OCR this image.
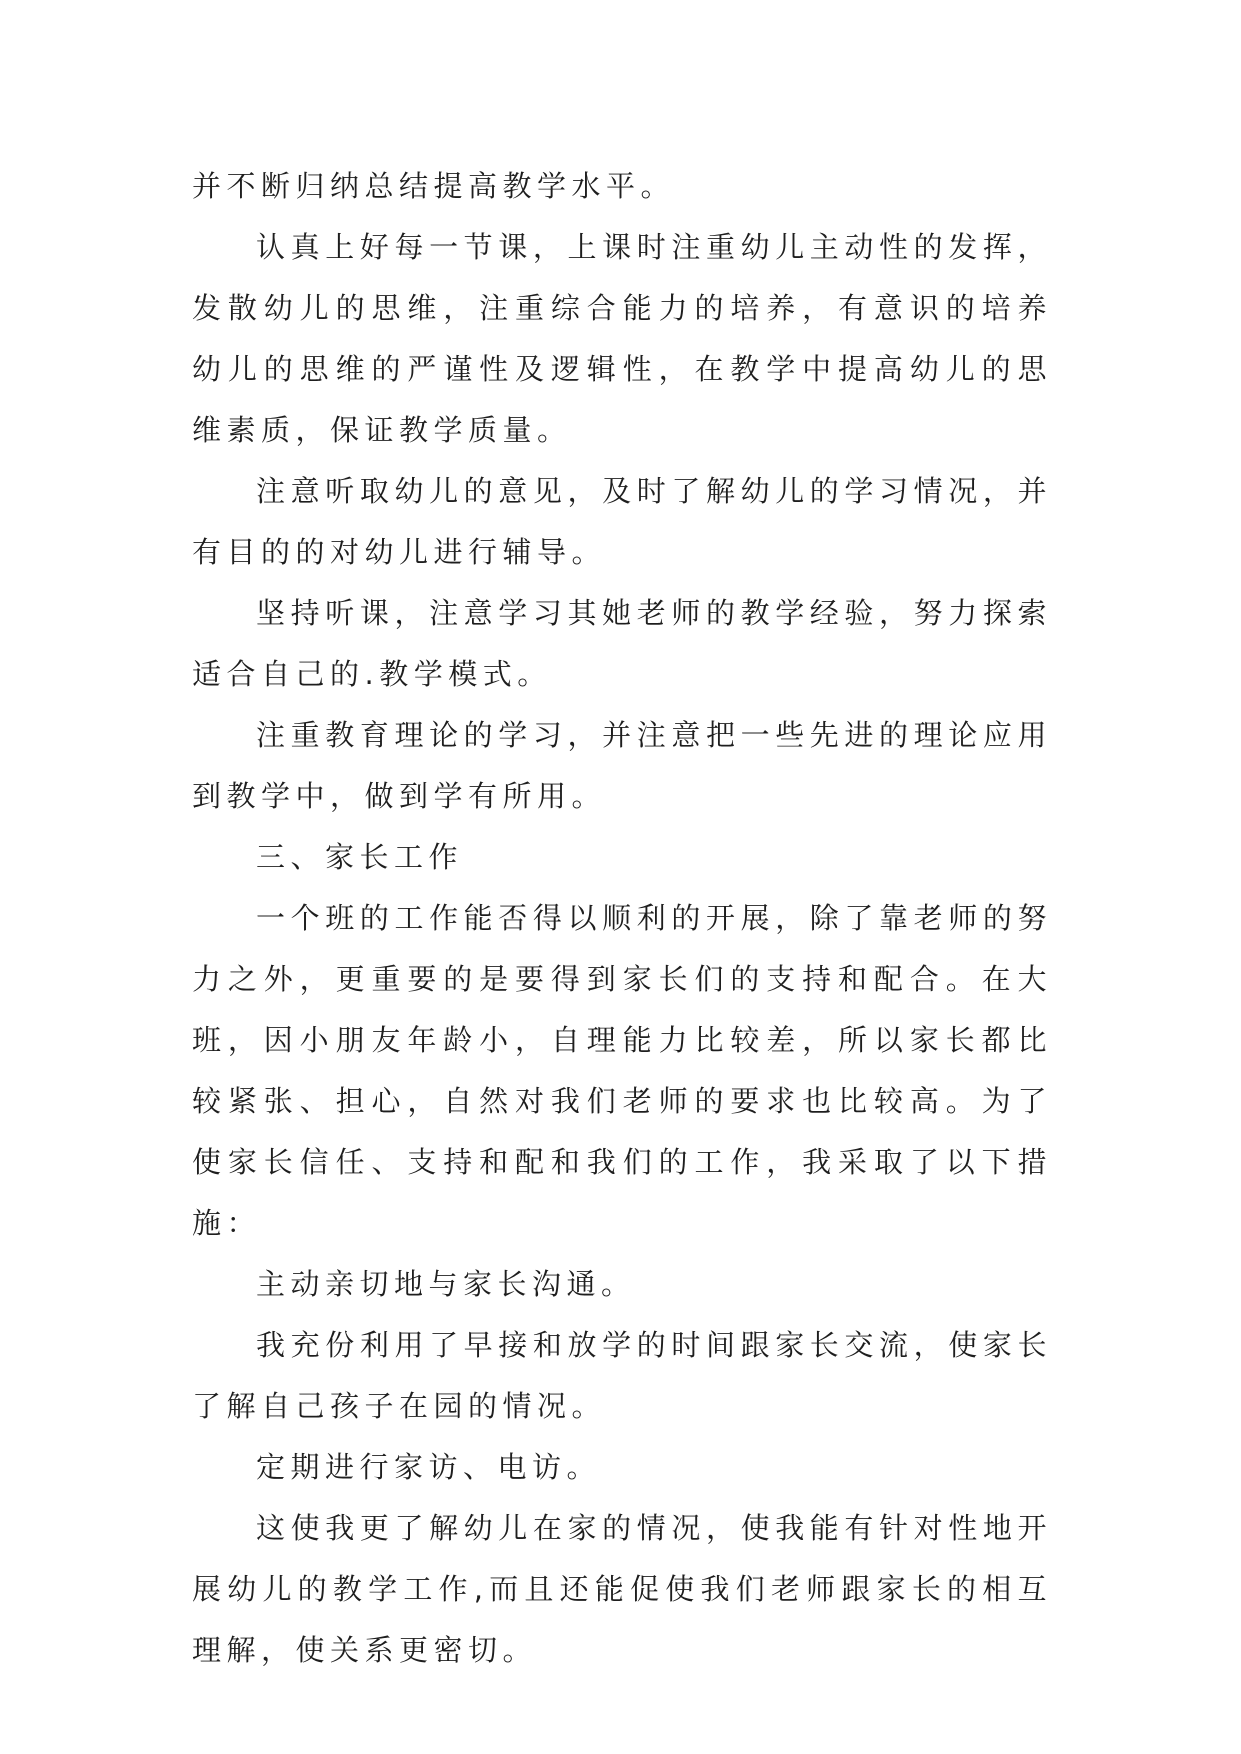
并不断归纳总结提高教学水平。

认真上好每一节课，上课时注重幼儿主动性的发挥，发散幼儿的思维，注重综合能力的培养，有意识的培养幼儿的思维的严谨性及逻辑性，在教学中提高幼儿的思维素质，保证教学质量。

注意听取幼儿的意见，及时了解幼儿的学习情况，并有目的的对幼儿进行辅导。

坚持听课，注意学习其她老师的教学经验，努力探索适合自己的.教学模式。

注重教育理论的学习，并注意把一些先进的理论应用到教学中，做到学有所用。

三、家长工作

一个班的工作能否得以顺利的开展，除了靠老师的努力之外，更重要的是要得到家长们的支持和配合。在大班，因小朋友年龄小，自理能力比较差，所以家长都比较紧张、担心，自然对我们老师的要求也比较高。为了使家长信任、支持和配和我们的工作，我采取了以下措施：

主动亲切地与家长沟通。

我充份利用了早接和放学的时间跟家长交流，使家长了解自己孩子在园的情况。

定期进行家访、电访。

这使我更了解幼儿在家的情况，使我能有针对性地开展幼儿的教学工作,而且还能促使我们老师跟家长的相互理解，使关系更密切。
